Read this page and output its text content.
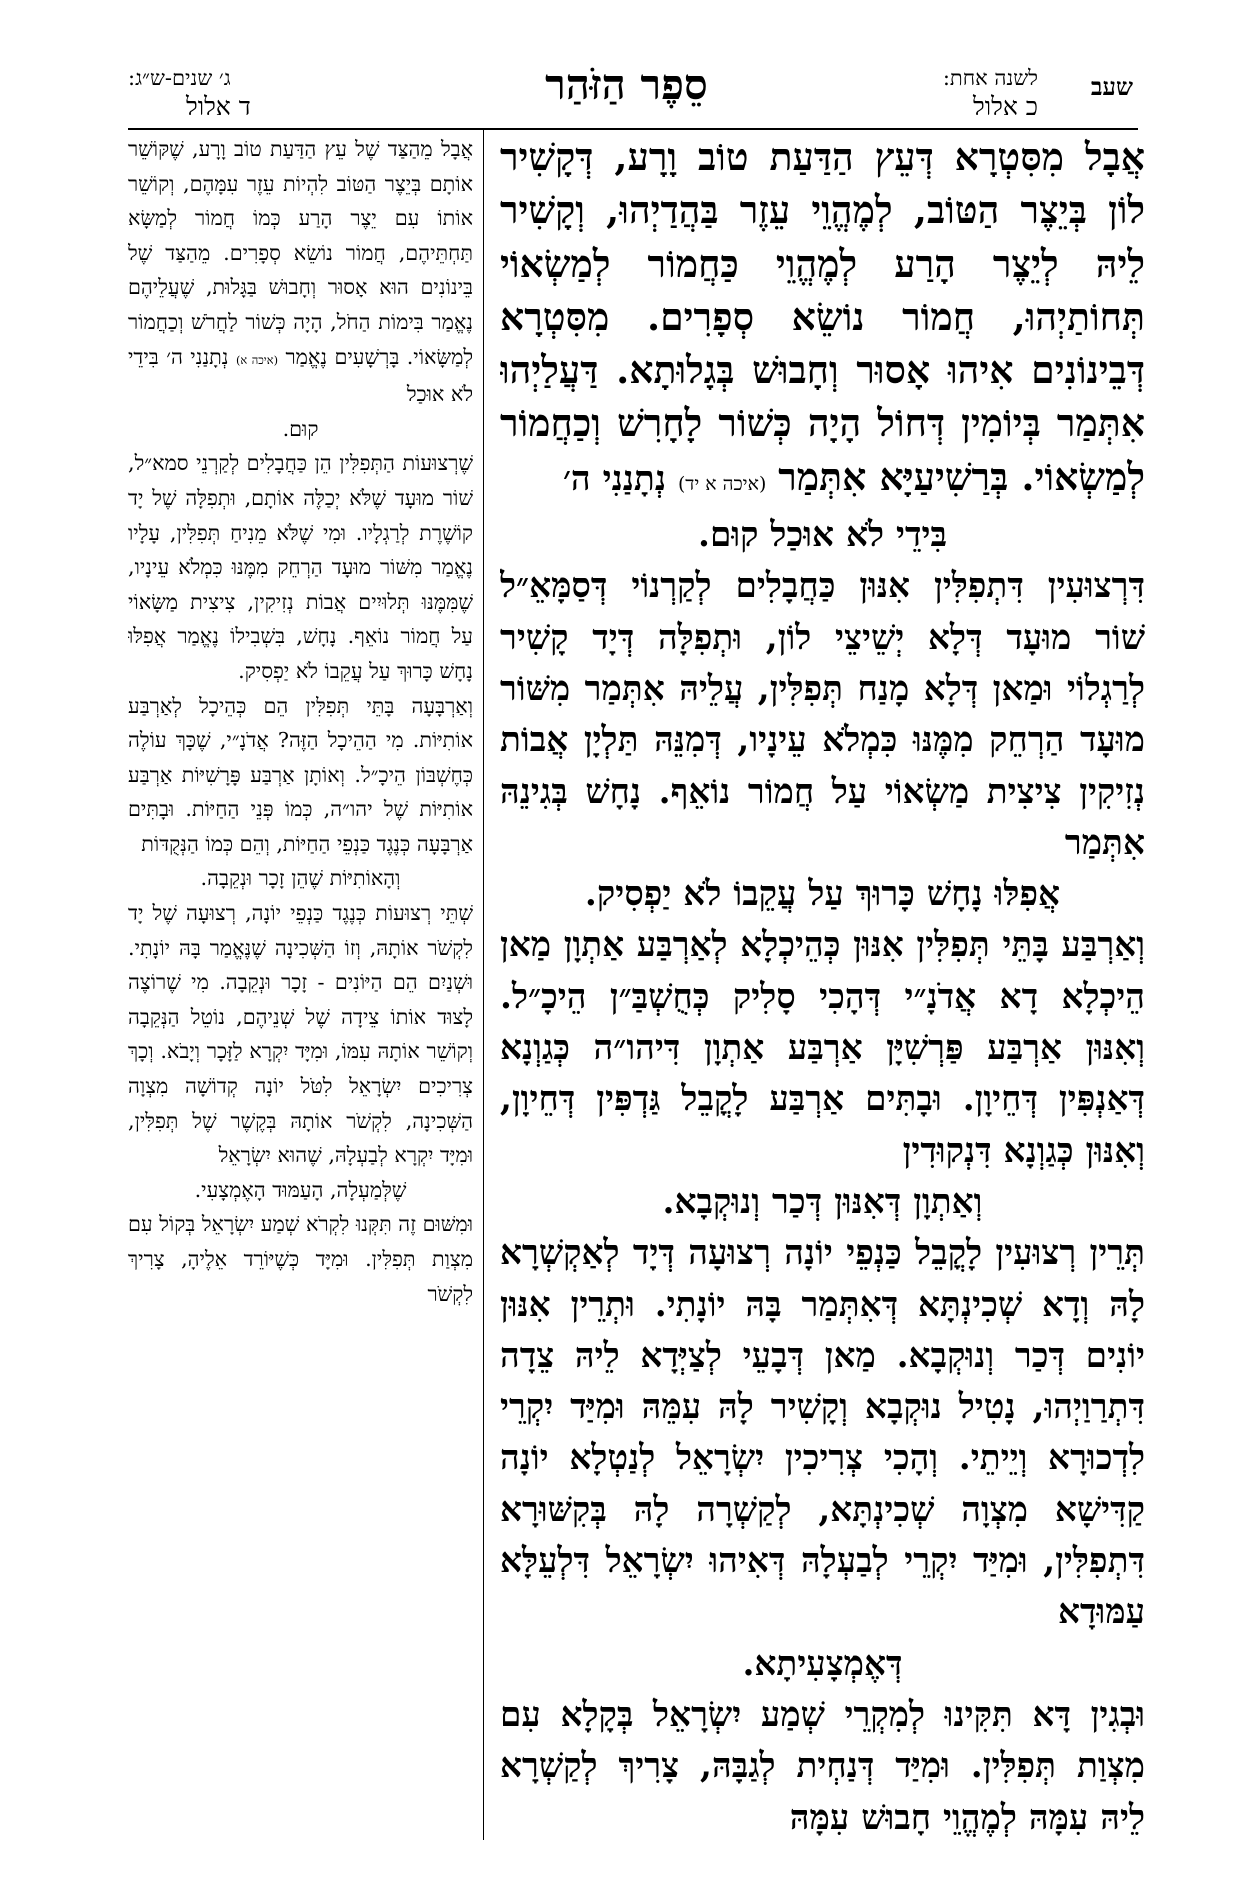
שעב
לשנה אחת:
כ אלול
סֵפֶר הַזֹּהַר
ג׳ שנים-ש״ג:
ד אלול

אֲבָל מִסִּטְרָא דְּעֵץ הַדַּעַת טוֹב וָרָע, דְּקָשִׁיר לוֹן בְּיֵצֶר הַטּוֹב, לְמֶהֱוֵי עֵזֶר בַּהֲדַיְהוּ, וְקָשִׁיר לֵיהּ לְיֵצֶר הָרַע לְמֶהֱוֵי כַּחֲמוֹר לְמַשְׂאוֹי תְּחוֹתַיְהוּ, חֲמוֹר נוֹשֵׂא סְפָרִים. מִסִּטְרָא דְּבֵינוֹנִים אִיהוּ אָסוּר וְחָבוּשׁ בְּגָלוּתָא. דַּעֲלַיְהוּ אִתְּמַר בְּיוֹמִין דְּחוֹל הָיָה כְּשׁוֹר לָחָרִשׁ וְכַחֲמוֹר לְמַשְׂאוֹי. בְּרַשִׁיעַיָּא אִתְּמַר (איכה א יד) נְתָנַנִי ה׳

בִּידֵי לֹא אוּכַל קוּם.

דִּרְצוּעִין דִּתְפִלִּין אִנּוּן כַּחֲבָלִים לְקַרְנוֹי דְּסַמָּאֵ״ל שׁוֹר מוּעָד דְּלָא יְשֵׁיצֵי לוֹן, וּתְפִלָּה דְּיָד קָשִׁיר לְרַגְלוֹי וּמַאן דְּלָא מָנַח תְּפִלִּין, עֲלֵיהּ אִתְּמַר מִשּׁוֹר מוּעָד הַרְחֵק מִמֶּנּוּ כִּמְלֹא עֵינָיו, דְּמִנֵּהּ תַּלְיָן אֲבוֹת נְזִיקִין צִיצִית מַשְׂאוֹי עַל חֲמוֹר נוֹאֵף. נָחָשׁ בְּגִינֵהּ אִתְּמַר

אֲפִלּוּ נָחָשׁ כָּרוּךְ עַל עֲקֵבוֹ לֹא יַפְסִיק.

וְאַרְבַּע בָּתֵּי תְּפִלִּין אִנּוּן כְּהֵיכְלָא לְאַרְבַּע אַתְוָן מַאן הֵיכְלָא דָא אֲדֹנָ״י דְּהָכִי סָלִיק כְּחֻשְׁבַּ״ן הֵיכָ״ל. וְאִנּוּן אַרְבַּע פַּרְשִׁיָּן אַרְבַּע אַתְוָן דִּיהו״ה כְּגַוְנָא דְּאַנְפִּין דְּחֵיוָן. וּבָתִּים אַרְבַּע לָקֳבֵל גַּדְפִּין דְּחֵיוָן, וְאִנּוּן כְּגַוְנָא דִּנְקוּדִין

וְאַתְוָן דְּאִנּוּן דְּכַר וְנוּקְבָא.

תְּרֵין רְצוּעִין לָקֳבֵל כַּנְפֵי יוֹנָה רְצוּעָה דְּיָד לְאַקְשְׁרָא לָהּ וְדָא שְׁכִינְתָּא דְּאִתְּמַר בָּהּ יוֹנָתִי. וּתְרֵין אִנּוּן יוֹנִים דְּכַר וְנוּקְבָא. מַאן דְּבָעֵי לְצַיְּדָא לֵיהּ צֵדָה דִּתְרַוַיְהוּ, נָטִיל נוּקְבָא וְקָשִׁיר לָהּ עִמֵּהּ וּמִיַּד יִקְרֵי לִדְכוּרָא וְיֵיתֵי. וְהָכִי צְרִיכִין יִשְׂרָאֵל לְנַטְלָא יוֹנָה קַדִּישָׁא מִצְוָה שְׁכִינְתָּא, לְקַשְׁרָה לָהּ בְּקִשּׁוּרָא דִּתְפִלִּין, וּמִיַּד יִקְרֵי לְבַעְלָהּ דְּאִיהוּ יִשְׂרָאֵל דִּלְעֵלָּא עַמּוּדָא

דְּאֶמְצָעִיתָא.

וּבְגִין דָּא תִּקִּינוּ לְמִקְרֵי שְׁמַע יִשְׂרָאֵל בְּקָלָא עִם מִצְוַת תְּפִלִּין. וּמִיַּד דְּנַחְית לְגַבָּהּ, צָרִיךְ לְקַשְׁרָא לֵיהּ עִמָּהּ לְמֶהֱוֵי חָבוּשׁ עִמָּהּ

אֲבָל מֵהַצַּד שֶׁל עֵץ הַדַּעַת טוֹב וָרָע, שֶׁקּוֹשֵׁר אוֹתָם בְּיֵצֶר הַטּוֹב לִהְיוֹת עֵזֶר עִמָּהֶם, וְקוֹשֵׁר אוֹתוֹ עִם יֵצֶר הָרַע כְּמוֹ חֲמוֹר לְמַשָּׂא תַּחְתֵּיהֶם, חֲמוֹר נוֹשֵׂא סְפָרִים. מֵהַצַּד שֶׁל בֵּינוֹנִים הוּא אָסוּר וְחָבוּשׁ בַּגָּלוּת, שֶׁעֲלֵיהֶם נֶאֱמַר בִּימוֹת הַחֹל, הָיָה כְּשׁוֹר לַחֲרֹשׁ וְכַחֲמוֹר לְמַשָּׂאוֹי. בָּרְשָׁעִים נֶאֱמַר (איכה א) נְתָנַנִי ה׳ בִּידֵי לֹא אוּכַל

קוּם.

שֶׁרְצוּעוֹת הַתְּפִלִּין הֵן כַּחֲבָלִים לְקַרְנֵי סמא״ל, שׁוֹר מוּעָד שֶׁלֹּא יְכַלֶּה אוֹתָם, וּתְפִלָּה שֶׁל יָד קוֹשֶׁרֶת לְרַגְלָיו. וּמִי שֶׁלֹּא מֵנִיחַ תְּפִלִּין, עָלָיו נֶאֱמַר מִשּׁוֹר מוּעָד הַרְחֵק מִמֶּנּוּ כִּמְלֹא עֵינָיו, שֶׁמִּמֶּנּוּ תְּלוּיִים אֲבוֹת נְזִיקִין, צִיצִית מַשָּׂאוֹי עַל חֲמוֹר נוֹאֵף. נָחָשׁ, בִּשְׁבִילוֹ נֶאֱמַר אֲפִלּוּ נָחָשׁ כָּרוּךְ עַל עֲקֵבוֹ לֹא יַפְסִיק.

וְאַרְבָּעָה בָּתֵּי תְּפִלִּין הֵם כְּהֵיכָל לְאַרְבַּע אוֹתִיּוֹת. מִי הַהֵיכָל הַזֶּה? אֲדֹנָ״י, שֶׁכָּךְ עוֹלֶה כְּחֶשְׁבּוֹן הֵיכָ״ל. וְאוֹתָן אַרְבַּע פָּרָשִׁיּוֹת אַרְבַּע אוֹתִיּוֹת שֶׁל יהו״ה, כְּמוֹ פְּנֵי הַחַיּוֹת. וּבָתִּים אַרְבָּעָה כְּנֶגֶד כַּנְפֵי הַחַיּוֹת, וְהֵם כְּמוֹ הַנְּקֻדּוֹת

וְהָאוֹתִיּוֹת שֶׁהֵן זָכָר וּנְקֵבָה.

שְׁתֵּי רְצוּעוֹת כְּנֶגֶד כַּנְפֵי יוֹנָה, רְצוּעָה שֶׁל יָד לִקְשֹׁר אוֹתָהּ, וְזוֹ הַשְּׁכִינָה שֶׁנֶּאֱמַר בָּהּ יוֹנָתִי. וּשְׁנַיִם הֵם הַיּוֹנִים - זָכָר וּנְקֵבָה. מִי שֶׁרוֹצֶה לָצוּד אוֹתוֹ צֵידָה שֶׁל שְׁנֵיהֶם, נוֹטֵל הַנְּקֵבָה וְקוֹשֵׁר אוֹתָהּ עִמּוֹ, וּמִיָּד יִקְרָא לַזָּכָר וְיָבֹא. וְכָךְ צְרִיכִים יִשְׂרָאֵל לִטֹּל יוֹנָה קְדוֹשָׁה מִצְוָה הַשְּׁכִינָה, לִקְשֹׁר אוֹתָהּ בְּקֶשֶׁר שֶׁל תְּפִלִּין, וּמִיָּד יִקְרָא לְבַעְלָהּ, שֶׁהוּא יִשְׂרָאֵל

שֶׁלְּמַעְלָה, הָעַמּוּד הָאֶמְצָעִי.

וּמִשּׁוּם זֶה תִּקְּנוּ לִקְרֹא שְׁמַע יִשְׂרָאֵל בְּקוֹל עִם מִצְוַת תְּפִלִּין. וּמִיָּד כְּשֶׁיּוֹרֵד אֵלֶיהָ, צָרִיךְ לִקְשֹׁר
